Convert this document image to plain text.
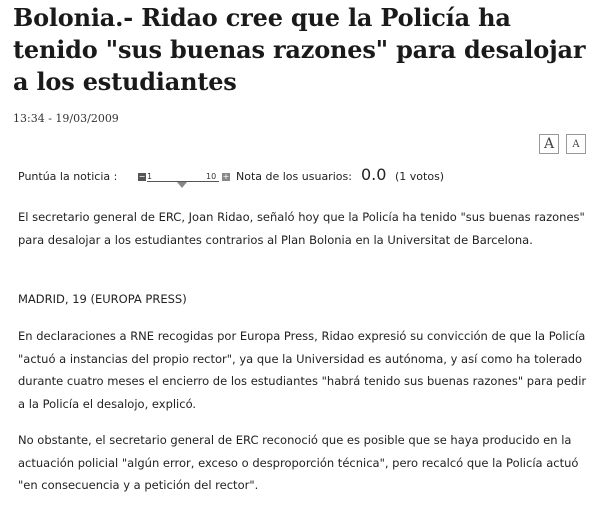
Bolonia.- Ridao cree que la Policía ha tenido "sus buenas razones" para desalojar a los estudiantes
13:34 - 19/03/2009
A	A
Puntúa la noticia :	− 1	10 + Nota de los usuarios: 0.0 (1 votos)

El secretario general de ERC, Joan Ridao, señaló hoy que la Policía ha tenido "sus buenas razones" para desalojar a los estudiantes contrarios al Plan Bolonia en la Universitat de Barcelona.

MADRID, 19 (EUROPA PRESS)

En declaraciones a RNE recogidas por Europa Press, Ridao expresió su convicción de que la Policía "actuó a instancias del propio rector", ya que la Universidad es autónoma, y así como ha tolerado durante cuatro meses el encierro de los estudiantes "habrá tenido sus buenas razones" para pedir a la Policía el desalojo, explicó.

No obstante, el secretario general de ERC reconoció que es posible que se haya producido en la actuación policial "algún error, exceso o desproporción técnica", pero recalcó que la Policía actuó "en consecuencia y a petición del rector".
